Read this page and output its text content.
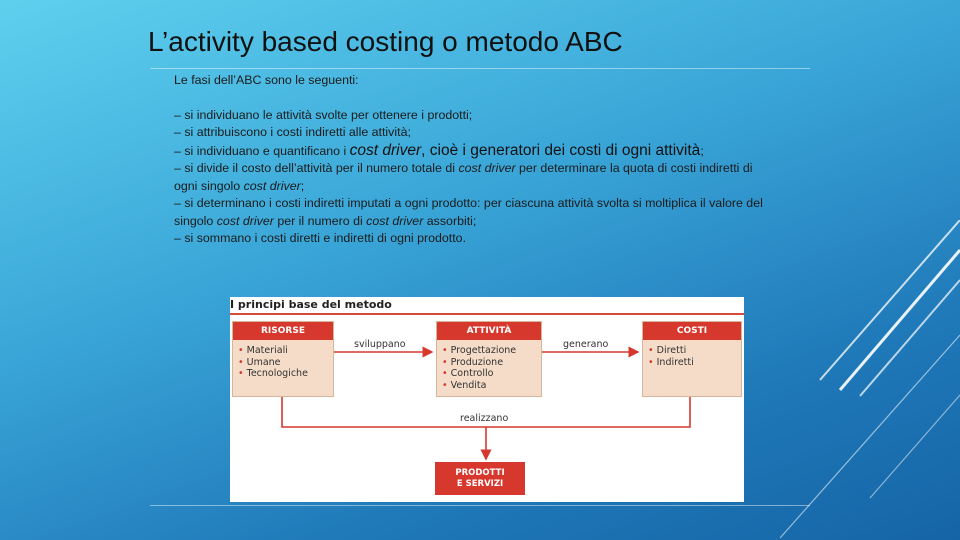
L’activity based costing o metodo ABC

Le fasi dell’ABC sono le seguenti:

– si individuano le attività svolte per ottenere i prodotti;

– si attribuiscono i costi indiretti alle attività;

– si individuano e quantificano i cost driver, cioè i generatori dei costi di ogni attività;

– si divide il costo dell’attività per il numero totale di cost driver per determinare la quota di costi indiretti di ogni singolo cost driver;

– si determinano i costi indiretti imputati a ogni prodotto: per ciascuna attività svolta si moltiplica il valore del singolo cost driver per il numero di cost driver assorbiti;

– si sommano i costi diretti e indiretti di ogni prodotto.

I principi base del metodo
RISORSE
• Materiali
• Umane
• Tecnologiche
ATTIVITÀ
• Progettazione
• Produzione
• Controllo
• Vendita
COSTI
• Diretti
• Indiretti
sviluppano	generano
realizzano
PRODOTTI
E SERVIZI
